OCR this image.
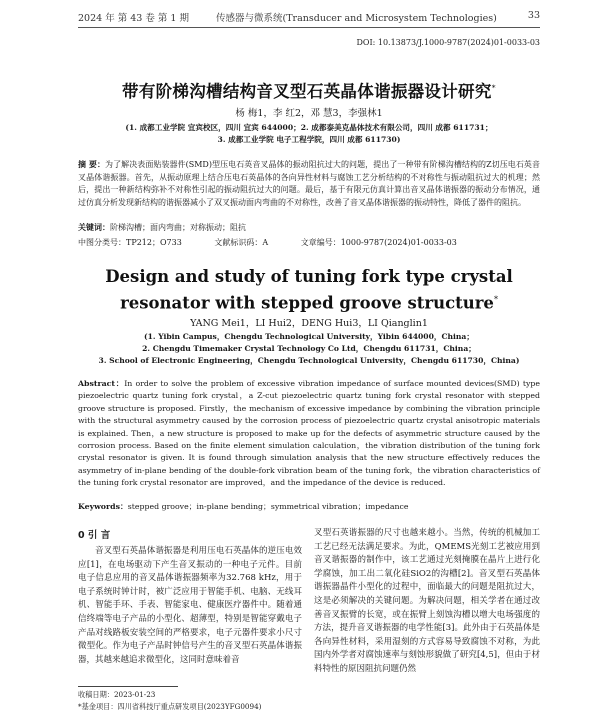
2024 年 第 43 卷 第 1 期	传感器与微系统(Transducer and Microsystem Technologies)	33
DOI: 10.13873/J.1000-9787(2024)01-0033-03
带有阶梯沟槽结构音叉型石英晶体谐振器设计研究*
杨 梅1，李 红2，邓 慧3，李强林1
(1. 成都工业学院 宜宾校区，四川 宜宾 644000；2. 成都泰美克晶体技术有限公司，四川 成都 611731；
3. 成都工业学院 电子工程学院，四川 成都 611730)
摘 要：为了解决表面贴装器件(SMD)型压电石英音叉晶体的振动阻抗过大的问题，提出了一种带有阶梯沟槽结构的Z切压电石英音叉晶体谐振器。首先，从振动原理上结合压电石英晶体的各向异性材料与腐蚀工艺分析结构的不对称性与振动阻抗过大的机理；然后，提出一种新结构弥补不对称性引起的振动阻抗过大的问题。最后，基于有限元仿真计算出音叉晶体谐振器的振动分布情况，通过仿真分析发现新结构的谐振器减小了双叉振动面内弯曲的不对称性，改善了音叉晶体谐振器的振动特性，降低了器件的阻抗。
关键词：阶梯沟槽；面内弯曲；对称振动；阻抗
中图分类号：TP212；O733	文献标识码：A	文章编号：1000-9787(2024)01-0033-03
Design and study of tuning fork type crystal resonator with stepped groove structure*
YANG Mei1，LI Hui2，DENG Hui3，LI Qianglin1
(1. Yibin Campus，Chengdu Technological University，Yibin 644000，China；
2. Chengdu Timemaker Crystal Technology Co Ltd，Chengdu 611731，China；
3. School of Electronic Engineering，Chengdu Technological University，Chengdu 611730，China)
Abstract：In order to solve the problem of excessive vibration impedance of surface mounted devices(SMD) type piezoelectric quartz tuning fork crystal，a Z-cut piezoelectric quartz tuning fork crystal resonator with stepped groove structure is proposed. Firstly，the mechanism of excessive impedance by combining the vibration principle with the structural asymmetry caused by the corrosion process of piezoelectric quartz crystal anisotropic materials is explained. Then，a new structure is proposed to make up for the defects of asymmetric structure caused by the corrosion process. Based on the finite element simulation calculation，the vibration distribution of the tuning fork crystal resonator is given. It is found through simulation analysis that the new structure effectively reduces the asymmetry of in-plane bending of the double-fork vibration beam of the tuning fork，the vibration characteristics of the tuning fork crystal resonator are improved，and the impedance of the device is reduced.
Keywords：stepped groove；in-plane bending；symmetrical vibration；impedance
0 引 言

音叉型石英晶体谐振器是利用压电石英晶体的逆压电效应[1]，在电场驱动下产生音叉振动的一种电子元件。目前电子信息应用的音叉晶体谐振器频率为32.768 kHz，用于电子系统时钟计时，被广泛应用于智能手机、电脑、无线耳机、智能手环、手表、智能家电、健康医疗器件中。随着通信终端等电子产品的小型化、超薄型，特别是智能穿戴电子产品对线路板安装空间的严格要求，电子元器件要求小尺寸微型化。作为电子产品时钟信号产生的音叉型石英晶体谐振器，其越来越追求微型化，这同时意味着音

叉型石英谐振器的尺寸也越来越小。当然，传统的机械加工工艺已经无法满足要求。为此，QMEMS光刻工艺被应用到音叉谐振器的制作中，该工艺通过光刻掩膜在晶片上进行化学腐蚀，加工出二氧化硅SiO2的沟槽[2]。音叉型石英晶体谐振器晶件小型化的过程中，面临最大的问题是阻抗过大，这是必须解决的关键问题。为解决问题，相关学者在通过改善音叉振臂的长宽，或在振臂上刻蚀沟槽以增大电场强度的方法，提升音叉谐振器的电学性能[3]。此外由于石英晶体是各向异性材料，采用湿刻的方式容易导致腐蚀不对称，为此国内外学者对腐蚀速率与刻蚀形貌做了研究[4,5]，但由于材料特性的原因阻抗问题仍然

收稿日期：2023-01-23
*基金项目：四川省科技厅重点研发项目(2023YFG0094)
